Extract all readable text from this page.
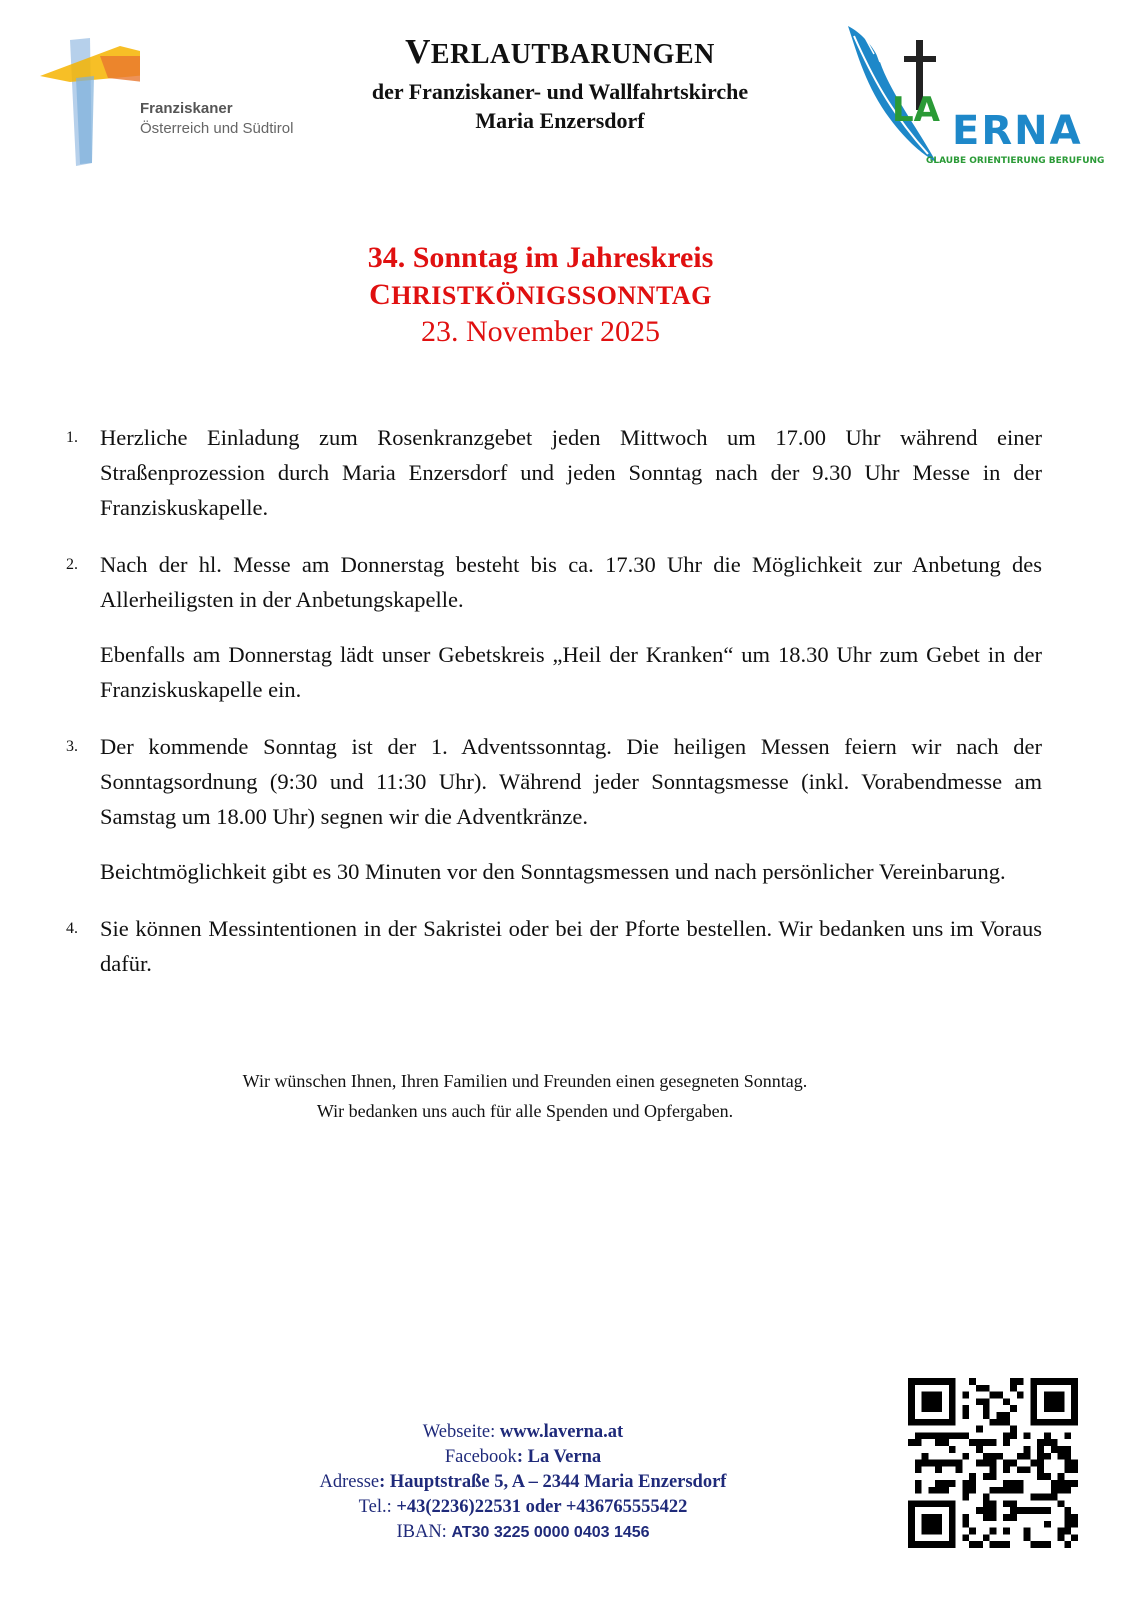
Franziskaner
Österreich und Südtirol
VERLAUTBARUNGEN
der Franziskaner- und Wallfahrtskirche
Maria Enzersdorf	LA ERNA
GLAUBE ORIENTIERUNG BERUFUNG
34. Sonntag im Jahreskreis
CHRISTKÖNIGSSONNTAG
23. November 2025
1. Herzliche Einladung zum Rosenkranzgebet jeden Mittwoch um 17.00 Uhr während einer Straßenprozession durch Maria Enzersdorf und jeden Sonntag nach der 9.30 Uhr Messe in der Franziskuskapelle.

2. Nach der hl. Messe am Donnerstag besteht bis ca. 17.30 Uhr die Möglichkeit zur Anbetung des Allerheiligsten in der Anbetungskapelle.

Ebenfalls am Donnerstag lädt unser Gebetskreis „Heil der Kranken“ um 18.30 Uhr zum Gebet in der Franziskuskapelle ein.

3. Der kommende Sonntag ist der 1. Adventssonntag. Die heiligen Messen feiern wir nach der Sonntagsordnung (9:30 und 11:30 Uhr). Während jeder Sonntagsmesse (inkl. Vorabendmesse am Samstag um 18.00 Uhr) segnen wir die Adventkränze.

Beichtmöglichkeit gibt es 30 Minuten vor den Sonntagsmessen und nach persönlicher Vereinbarung.

4. Sie können Messintentionen in der Sakristei oder bei der Pforte bestellen. Wir bedanken uns im Voraus dafür.

Wir wünschen Ihnen, Ihren Familien und Freunden einen gesegneten Sonntag.
Wir bedanken uns auch für alle Spenden und Opfergaben.
Webseite: www.laverna.at
Facebook: La Verna
Adresse: Hauptstraße 5, A – 2344 Maria Enzersdorf
Tel.: +43(2236)22531 oder +436765555422
IBAN: AT30 3225 0000 0403 1456
